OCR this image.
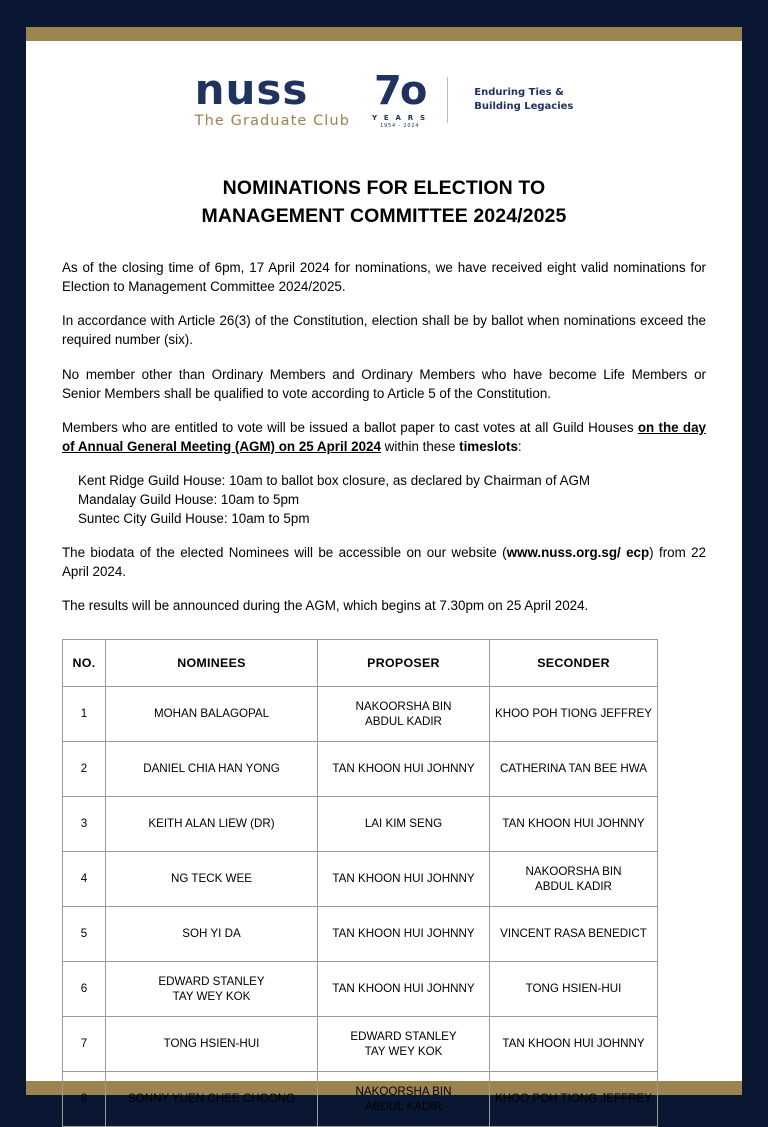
nuss
The Graduate Club
7o
Y E A R S
1954 - 2024
Enduring Ties &
Building Legacies
NOMINATIONS FOR ELECTION TO
MANAGEMENT COMMITTEE 2024/2025

As of the closing time of 6pm, 17 April 2024 for nominations, we have received eight valid nominations for Election to Management Committee 2024/2025.

In accordance with Article 26(3) of the Constitution, election shall be by ballot when nominations exceed the required number (six).

No member other than Ordinary Members and Ordinary Members who have become Life Members or Senior Members shall be qualified to vote according to Article 5 of the Constitution.

Members who are entitled to vote will be issued a ballot paper to cast votes at all Guild Houses on the day of Annual General Meeting (AGM) on 25 April 2024 within these timeslots:

Kent Ridge Guild House: 10am to ballot box closure, as declared by Chairman of AGM
Mandalay Guild House: 10am to 5pm
Suntec City Guild House: 10am to 5pm

The biodata of the elected Nominees will be accessible on our website (www.nuss.org.sg/ ecp) from 22 April 2024.

The results will be announced during the AGM, which begins at 7.30pm on 25 April 2024.

NO.	NOMINEES	PROPOSER	SECONDER
1	MOHAN BALAGOPAL	NAKOORSHA BIN
ABDUL KADIR	KHOO POH TIONG JEFFREY
2	DANIEL CHIA HAN YONG	TAN KHOON HUI JOHNNY	CATHERINA TAN BEE HWA
3	KEITH ALAN LIEW (DR)	LAI KIM SENG	TAN KHOON HUI JOHNNY
4	NG TECK WEE	TAN KHOON HUI JOHNNY	NAKOORSHA BIN
ABDUL KADIR
5	SOH YI DA	TAN KHOON HUI JOHNNY	VINCENT RASA BENEDICT
6	EDWARD STANLEY
TAY WEY KOK	TAN KHOON HUI JOHNNY	TONG HSIEN-HUI
7	TONG HSIEN-HUI	EDWARD STANLEY
TAY WEY KOK	TAN KHOON HUI JOHNNY
8	SONNY YUEN CHEE CHOONG	NAKOORSHA BIN
ABDUL KADIR	KHOO POH TIONG JEFFREY
